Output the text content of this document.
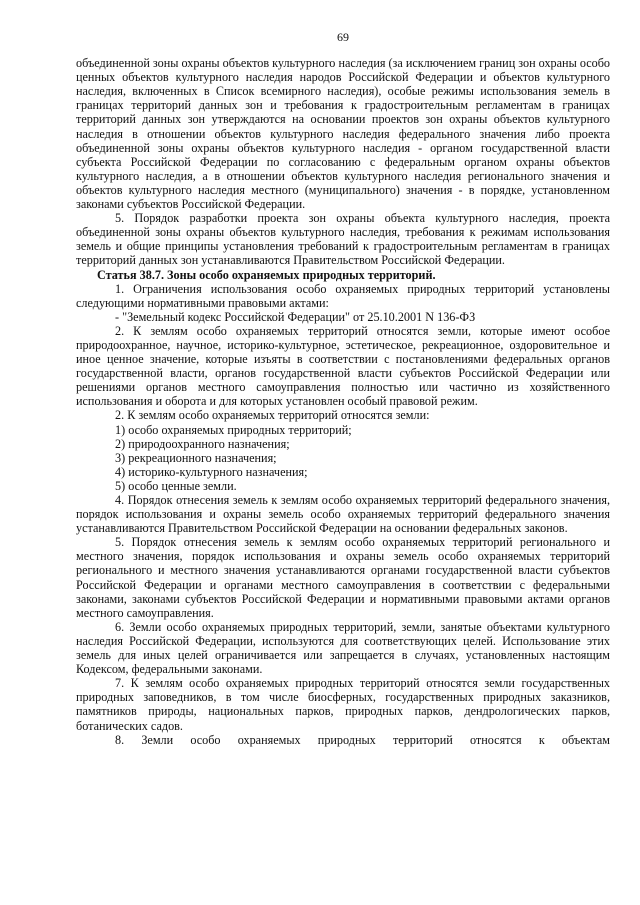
69

объединенной зоны охраны объектов культурного наследия (за исключением границ зон охраны особо ценных объектов культурного наследия народов Российской Федерации и объектов культурного наследия, включенных в Список всемирного наследия), особые режимы использования земель в границах территорий данных зон и требования к градостроительным регламентам в границах территорий данных зон утверждаются на основании проектов зон охраны объектов культурного наследия в отношении объектов культурного наследия федерального значения либо проекта объединенной зоны охраны объектов культурного наследия - органом государственной власти субъекта Российской Федерации по согласованию с федеральным органом охраны объектов культурного наследия, а в отношении объектов культурного наследия регионального значения и объектов культурного наследия местного (муниципального) значения - в порядке, установленном законами субъектов Российской Федерации.

5. Порядок разработки проекта зон охраны объекта культурного наследия, проекта объединенной зоны охраны объектов культурного наследия, требования к режимам использования земель и общие принципы установления требований к градостроительным регламентам в границах территорий данных зон устанавливаются Правительством Российской Федерации.

Статья 38.7. Зоны особо охраняемых природных территорий.

1. Ограничения использования особо охраняемых природных территорий установлены следующими нормативными правовыми актами:

- "Земельный кодекс Российской Федерации" от 25.10.2001 N 136-ФЗ

2. К землям особо охраняемых территорий относятся земли, которые имеют особое природоохранное, научное, историко-культурное, эстетическое, рекреационное, оздоровительное и иное ценное значение, которые изъяты в соответствии с постановлениями федеральных органов государственной власти, органов государственной власти субъектов Российской Федерации или решениями органов местного самоуправления полностью или частично из хозяйственного использования и оборота и для которых установлен особый правовой режим.

2. К землям особо охраняемых территорий относятся земли:

1) особо охраняемых природных территорий;

2) природоохранного назначения;

3) рекреационного назначения;

4) историко-культурного назначения;

5) особо ценные земли.

4. Порядок отнесения земель к землям особо охраняемых территорий федерального значения, порядок использования и охраны земель особо охраняемых территорий федерального значения устанавливаются Правительством Российской Федерации на основании федеральных законов.

5. Порядок отнесения земель к землям особо охраняемых территорий регионального и местного значения, порядок использования и охраны земель особо охраняемых территорий регионального и местного значения устанавливаются органами государственной власти субъектов Российской Федерации и органами местного самоуправления в соответствии с федеральными законами, законами субъектов Российской Федерации и нормативными правовыми актами органов местного самоуправления.

6. Земли особо охраняемых природных территорий, земли, занятые объектами культурного наследия Российской Федерации, используются для соответствующих целей. Использование этих земель для иных целей ограничивается или запрещается в случаях, установленных настоящим Кодексом, федеральными законами.

7. К землям особо охраняемых природных территорий относятся земли государственных природных заповедников, в том числе биосферных, государственных природных заказников, памятников природы, национальных парков, природных парков, дендрологических парков, ботанических садов.

8. Земли особо охраняемых природных территорий относятся к объектам
